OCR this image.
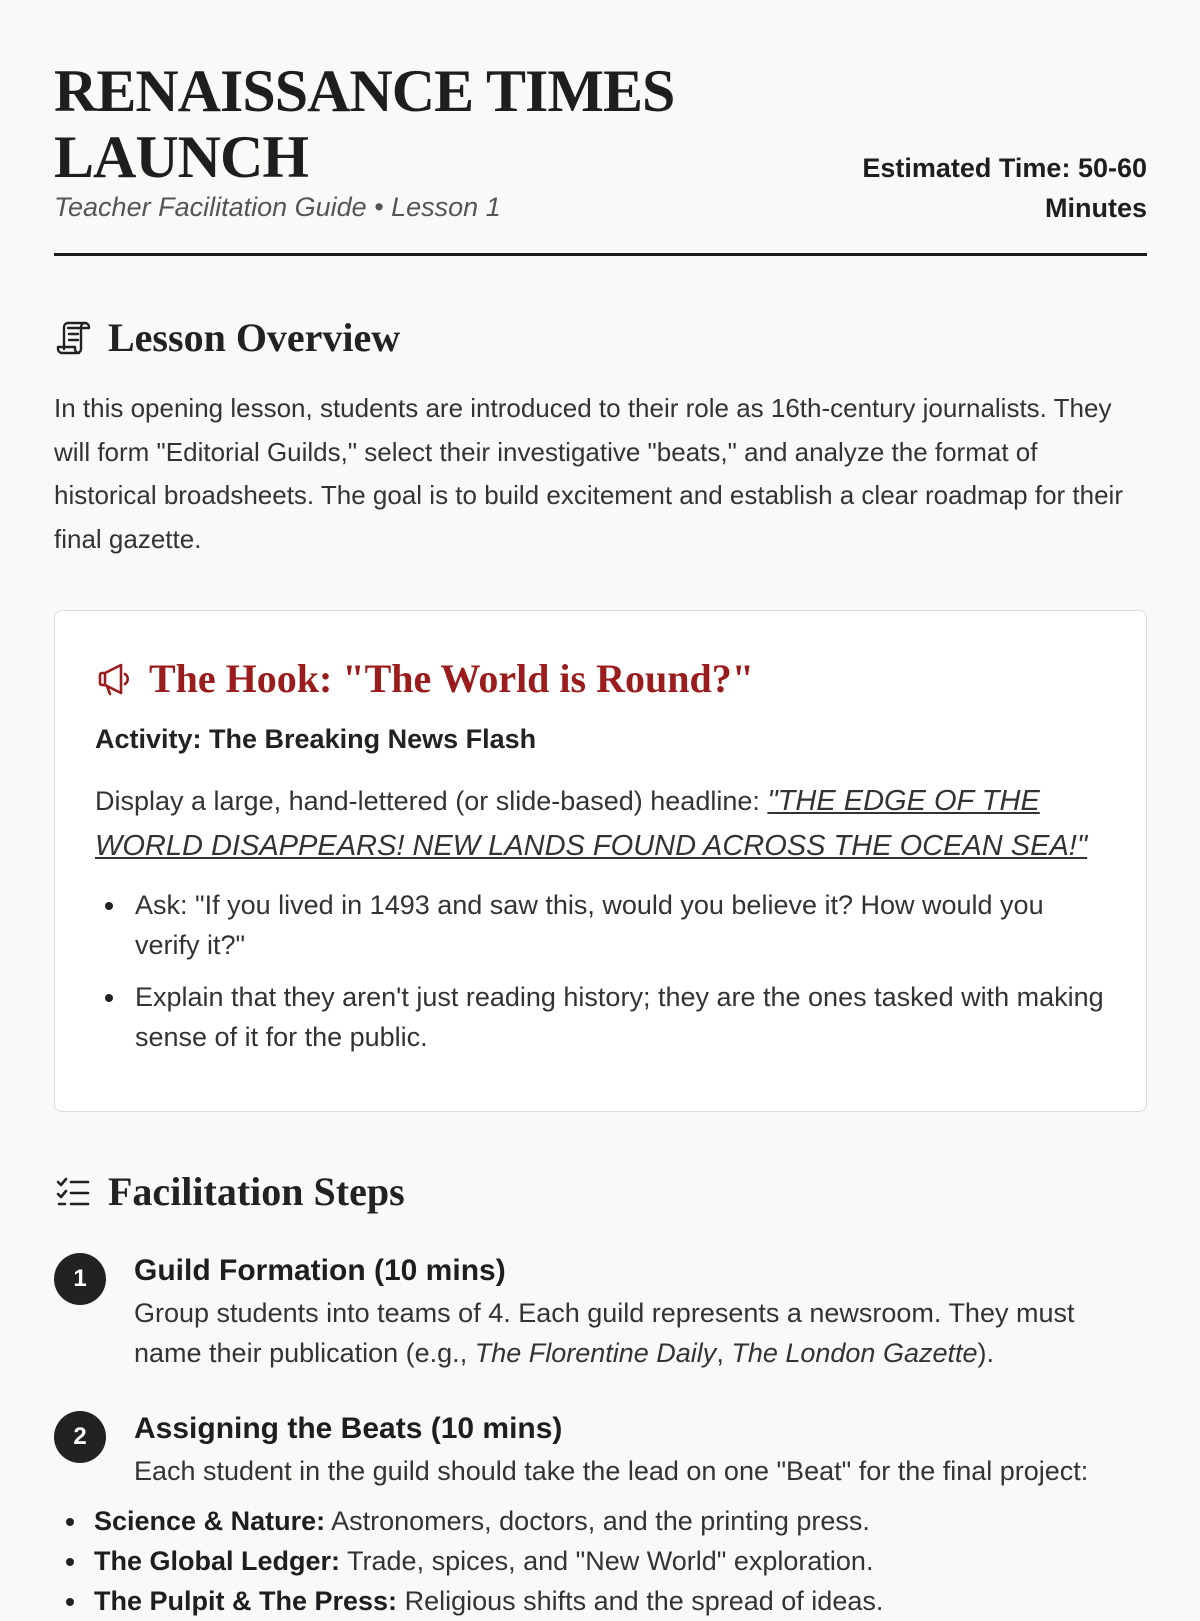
RENAISSANCE TIMES LAUNCH
Teacher Facilitation Guide • Lesson 1
Estimated Time: 50-60 Minutes
Lesson Overview

In this opening lesson, students are introduced to their role as 16th-century journalists. They will form "Editorial Guilds," select their investigative "beats," and analyze the format of historical broadsheets. The goal is to build excitement and establish a clear roadmap for their final gazette.

The Hook: "The World is Round?"
Activity: The Breaking News Flash

Display a large, hand-lettered (or slide-based) headline: "THE EDGE OF THE WORLD DISAPPEARS! NEW LANDS FOUND ACROSS THE OCEAN SEA!"

Ask: "If you lived in 1493 and saw this, would you believe it? How would you verify it?"
Explain that they aren't just reading history; they are the ones tasked with making sense of it for the public.
Facilitation Steps
1	Guild Formation (10 mins)

Group students into teams of 4. Each guild represents a newsroom. They must name their publication (e.g., The Florentine Daily, The London Gazette).

2	Assigning the Beats (10 mins)

Each student in the guild should take the lead on one "Beat" for the final project:

Science & Nature: Astronomers, doctors, and the printing press.
The Global Ledger: Trade, spices, and "New World" exploration.
The Pulpit & The Press: Religious shifts and the spread of ideas.
